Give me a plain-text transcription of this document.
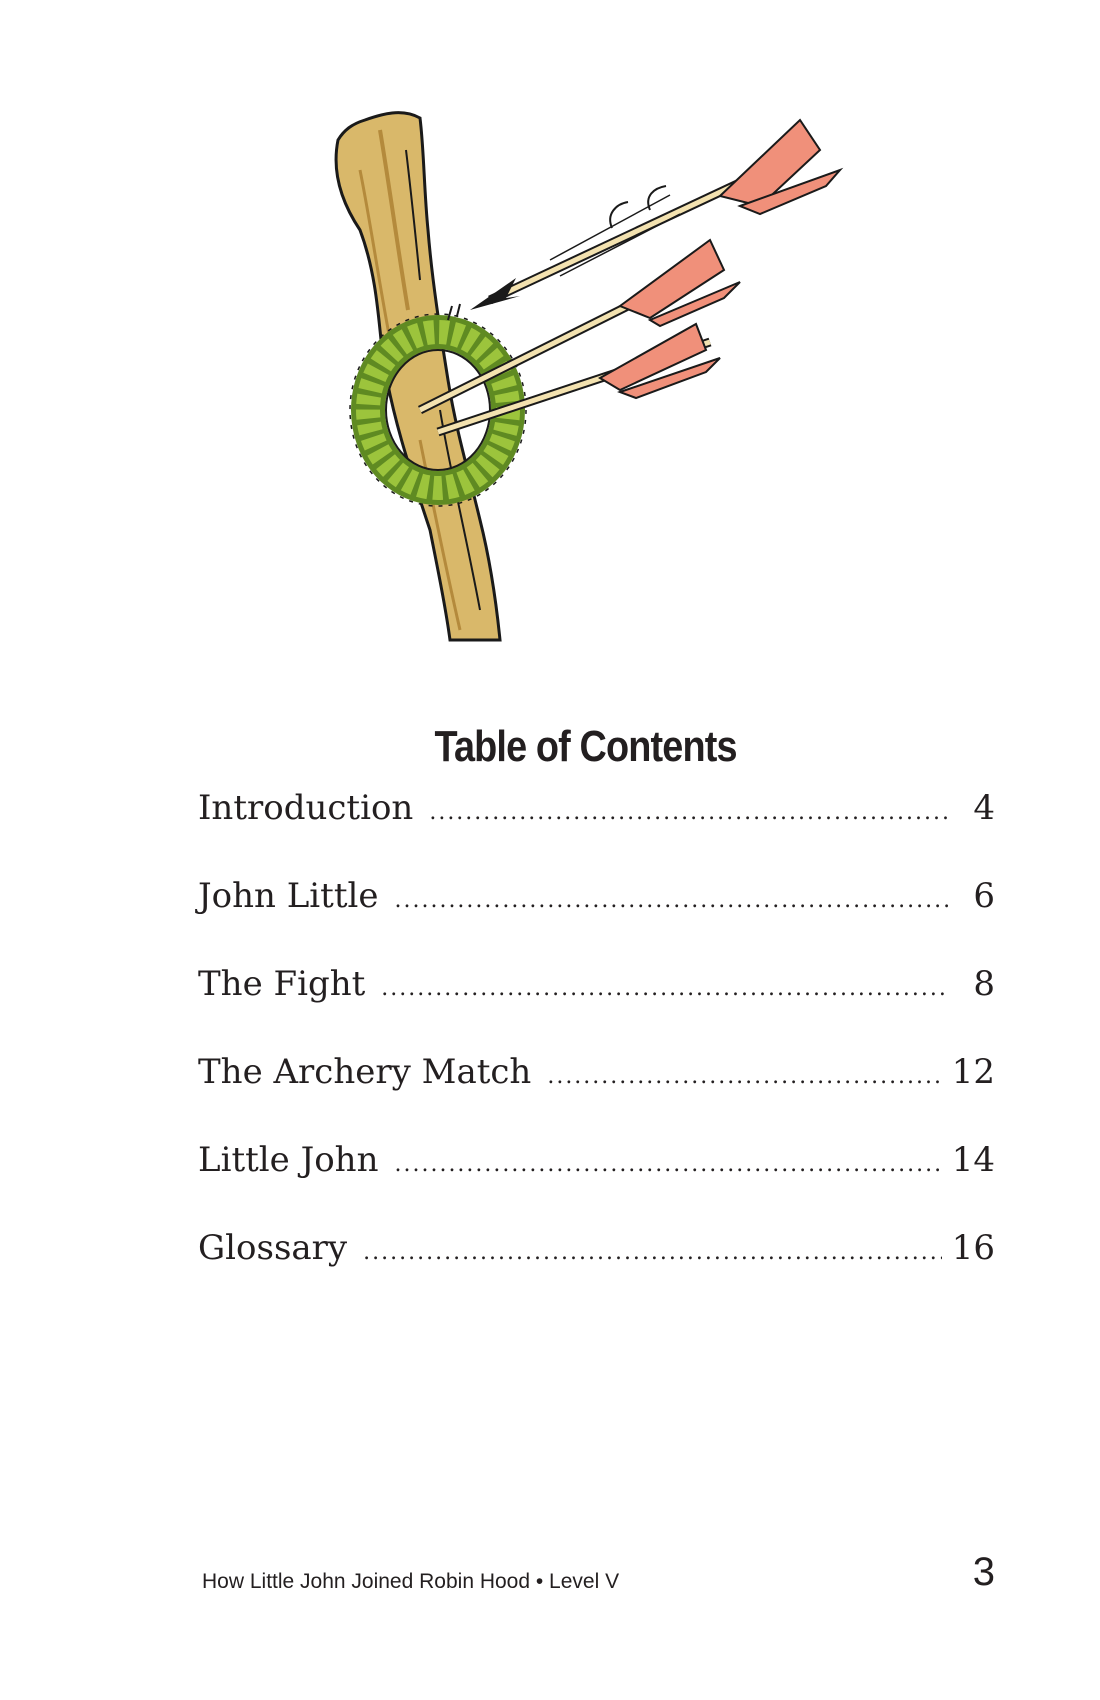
Table of Contents
Introduction .....	4
John Little .....	6
The Fight .....	8
The Archery Match .....	12
Little John .....	14
Glossary .....	16
How Little John Joined Robin Hood • Level V	3
